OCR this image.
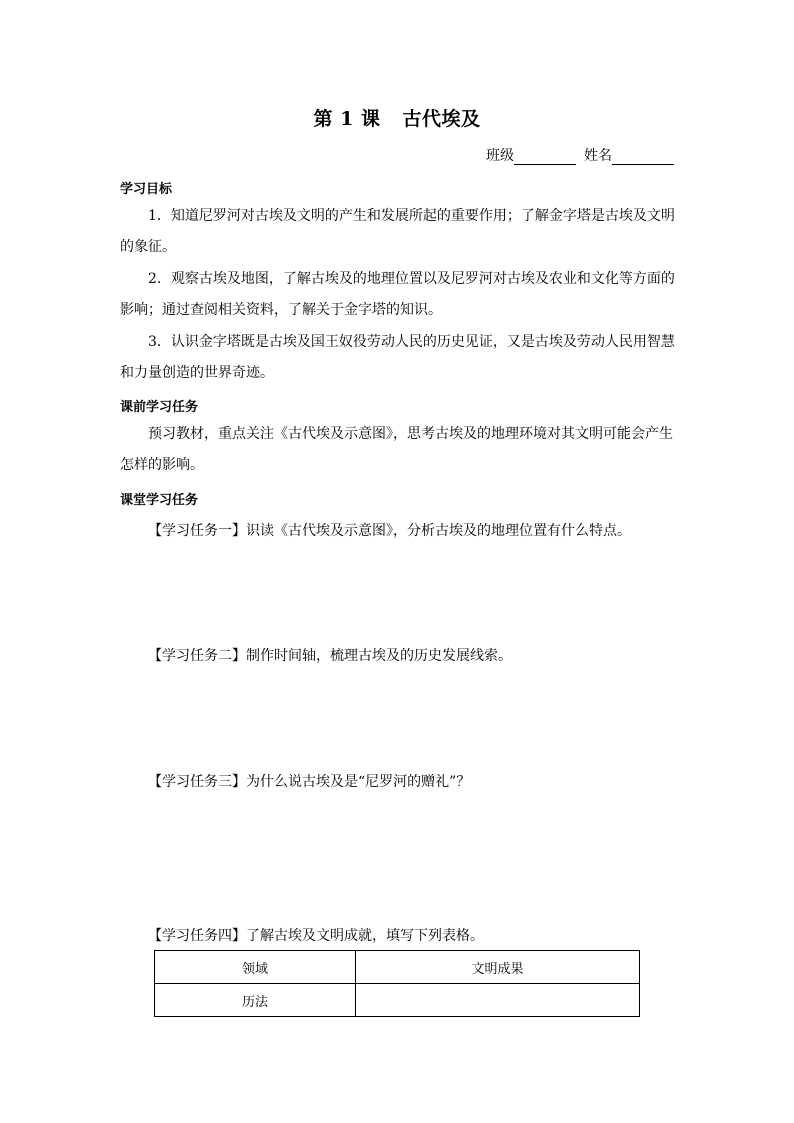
第 1 课 古代埃及
班级	姓名
学习目标
1．知道尼罗河对古埃及文明的产生和发展所起的重要作用；了解金字塔是古埃及文明的象征。
2．观察古埃及地图，了解古埃及的地理位置以及尼罗河对古埃及农业和文化等方面的影响；通过查阅相关资料，了解关于金字塔的知识。
3．认识金字塔既是古埃及国王奴役劳动人民的历史见证，又是古埃及劳动人民用智慧和力量创造的世界奇迹。
课前学习任务
预习教材，重点关注《古代埃及示意图》，思考古埃及的地理环境对其文明可能会产生怎样的影响。
课堂学习任务
【学习任务一】识读《古代埃及示意图》，分析古埃及的地理位置有什么特点。
【学习任务二】制作时间轴，梳理古埃及的历史发展线索。
【学习任务三】为什么说古埃及是“尼罗河的赠礼”？
【学习任务四】了解古埃及文明成就，填写下列表格。
领域	文明成果
历法	
